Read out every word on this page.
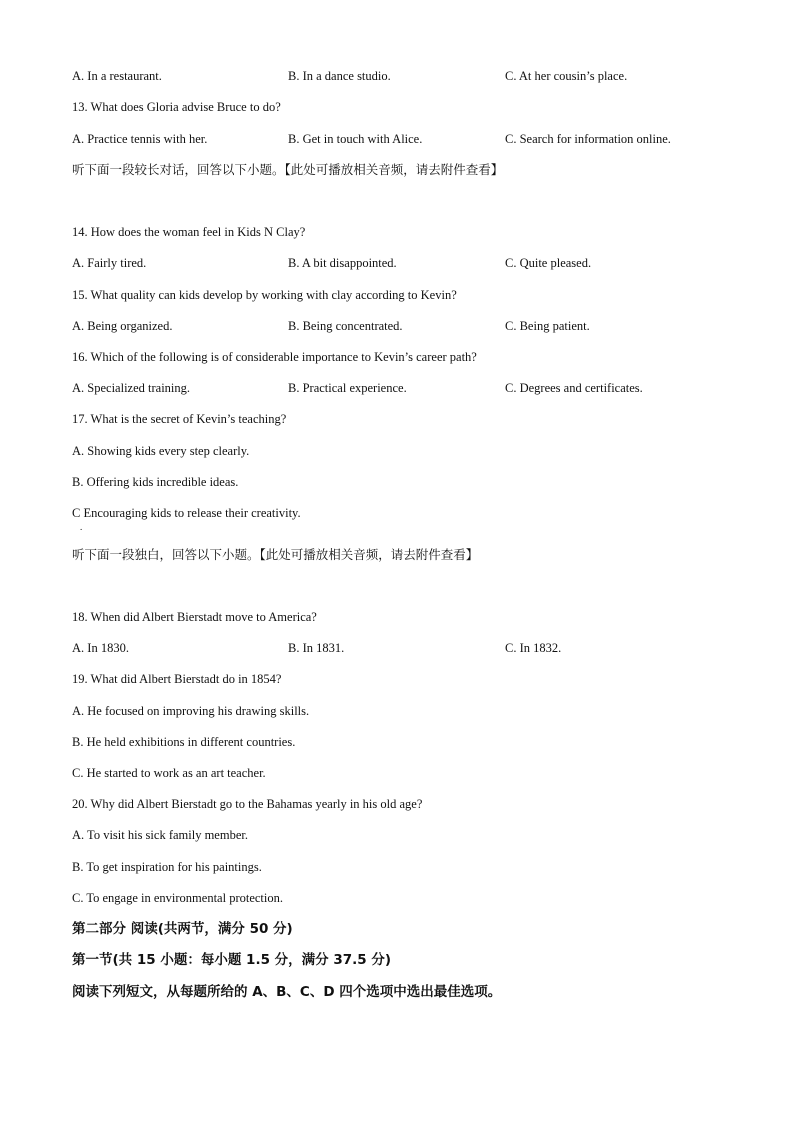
A. In a restaurant.	B. In a dance studio.	C. At her cousin’s place.
13. What does Gloria advise Bruce to do?
A. Practice tennis with her.	B. Get in touch with Alice.	C. Search for information online.
听下面一段较长对话，回答以下小题。【此处可播放相关音频，请去附件查看】
14. How does the woman feel in Kids N Clay?
A. Fairly tired.	B. A bit disappointed.	C. Quite pleased.
15. What quality can kids develop by working with clay according to Kevin?
A. Being organized.	B. Being concentrated.	C. Being patient.
16. Which of the following is of considerable importance to Kevin’s career path?
A. Specialized training.	B. Practical experience.	C. Degrees and certificates.
17. What is the secret of Kevin’s teaching?
A. Showing kids every step clearly.
B. Offering kids incredible ideas.
C Encouraging kids to release their creativity.
.
听下面一段独白，回答以下小题。【此处可播放相关音频，请去附件查看】
18. When did Albert Bierstadt move to America?
A. In 1830.	B. In 1831.	C. In 1832.
19. What did Albert Bierstadt do in 1854?
A. He focused on improving his drawing skills.
B. He held exhibitions in different countries.
C. He started to work as an art teacher.
20. Why did Albert Bierstadt go to the Bahamas yearly in his old age?
A. To visit his sick family member.
B. To get inspiration for his paintings.
C. To engage in environmental protection.
第二部分 阅读(共两节，满分 50 分)
第一节(共 15 小题：每小题 1.5 分，满分 37.5 分)
阅读下列短文，从每题所给的 A、B、C、D 四个选项中选出最佳选项。
